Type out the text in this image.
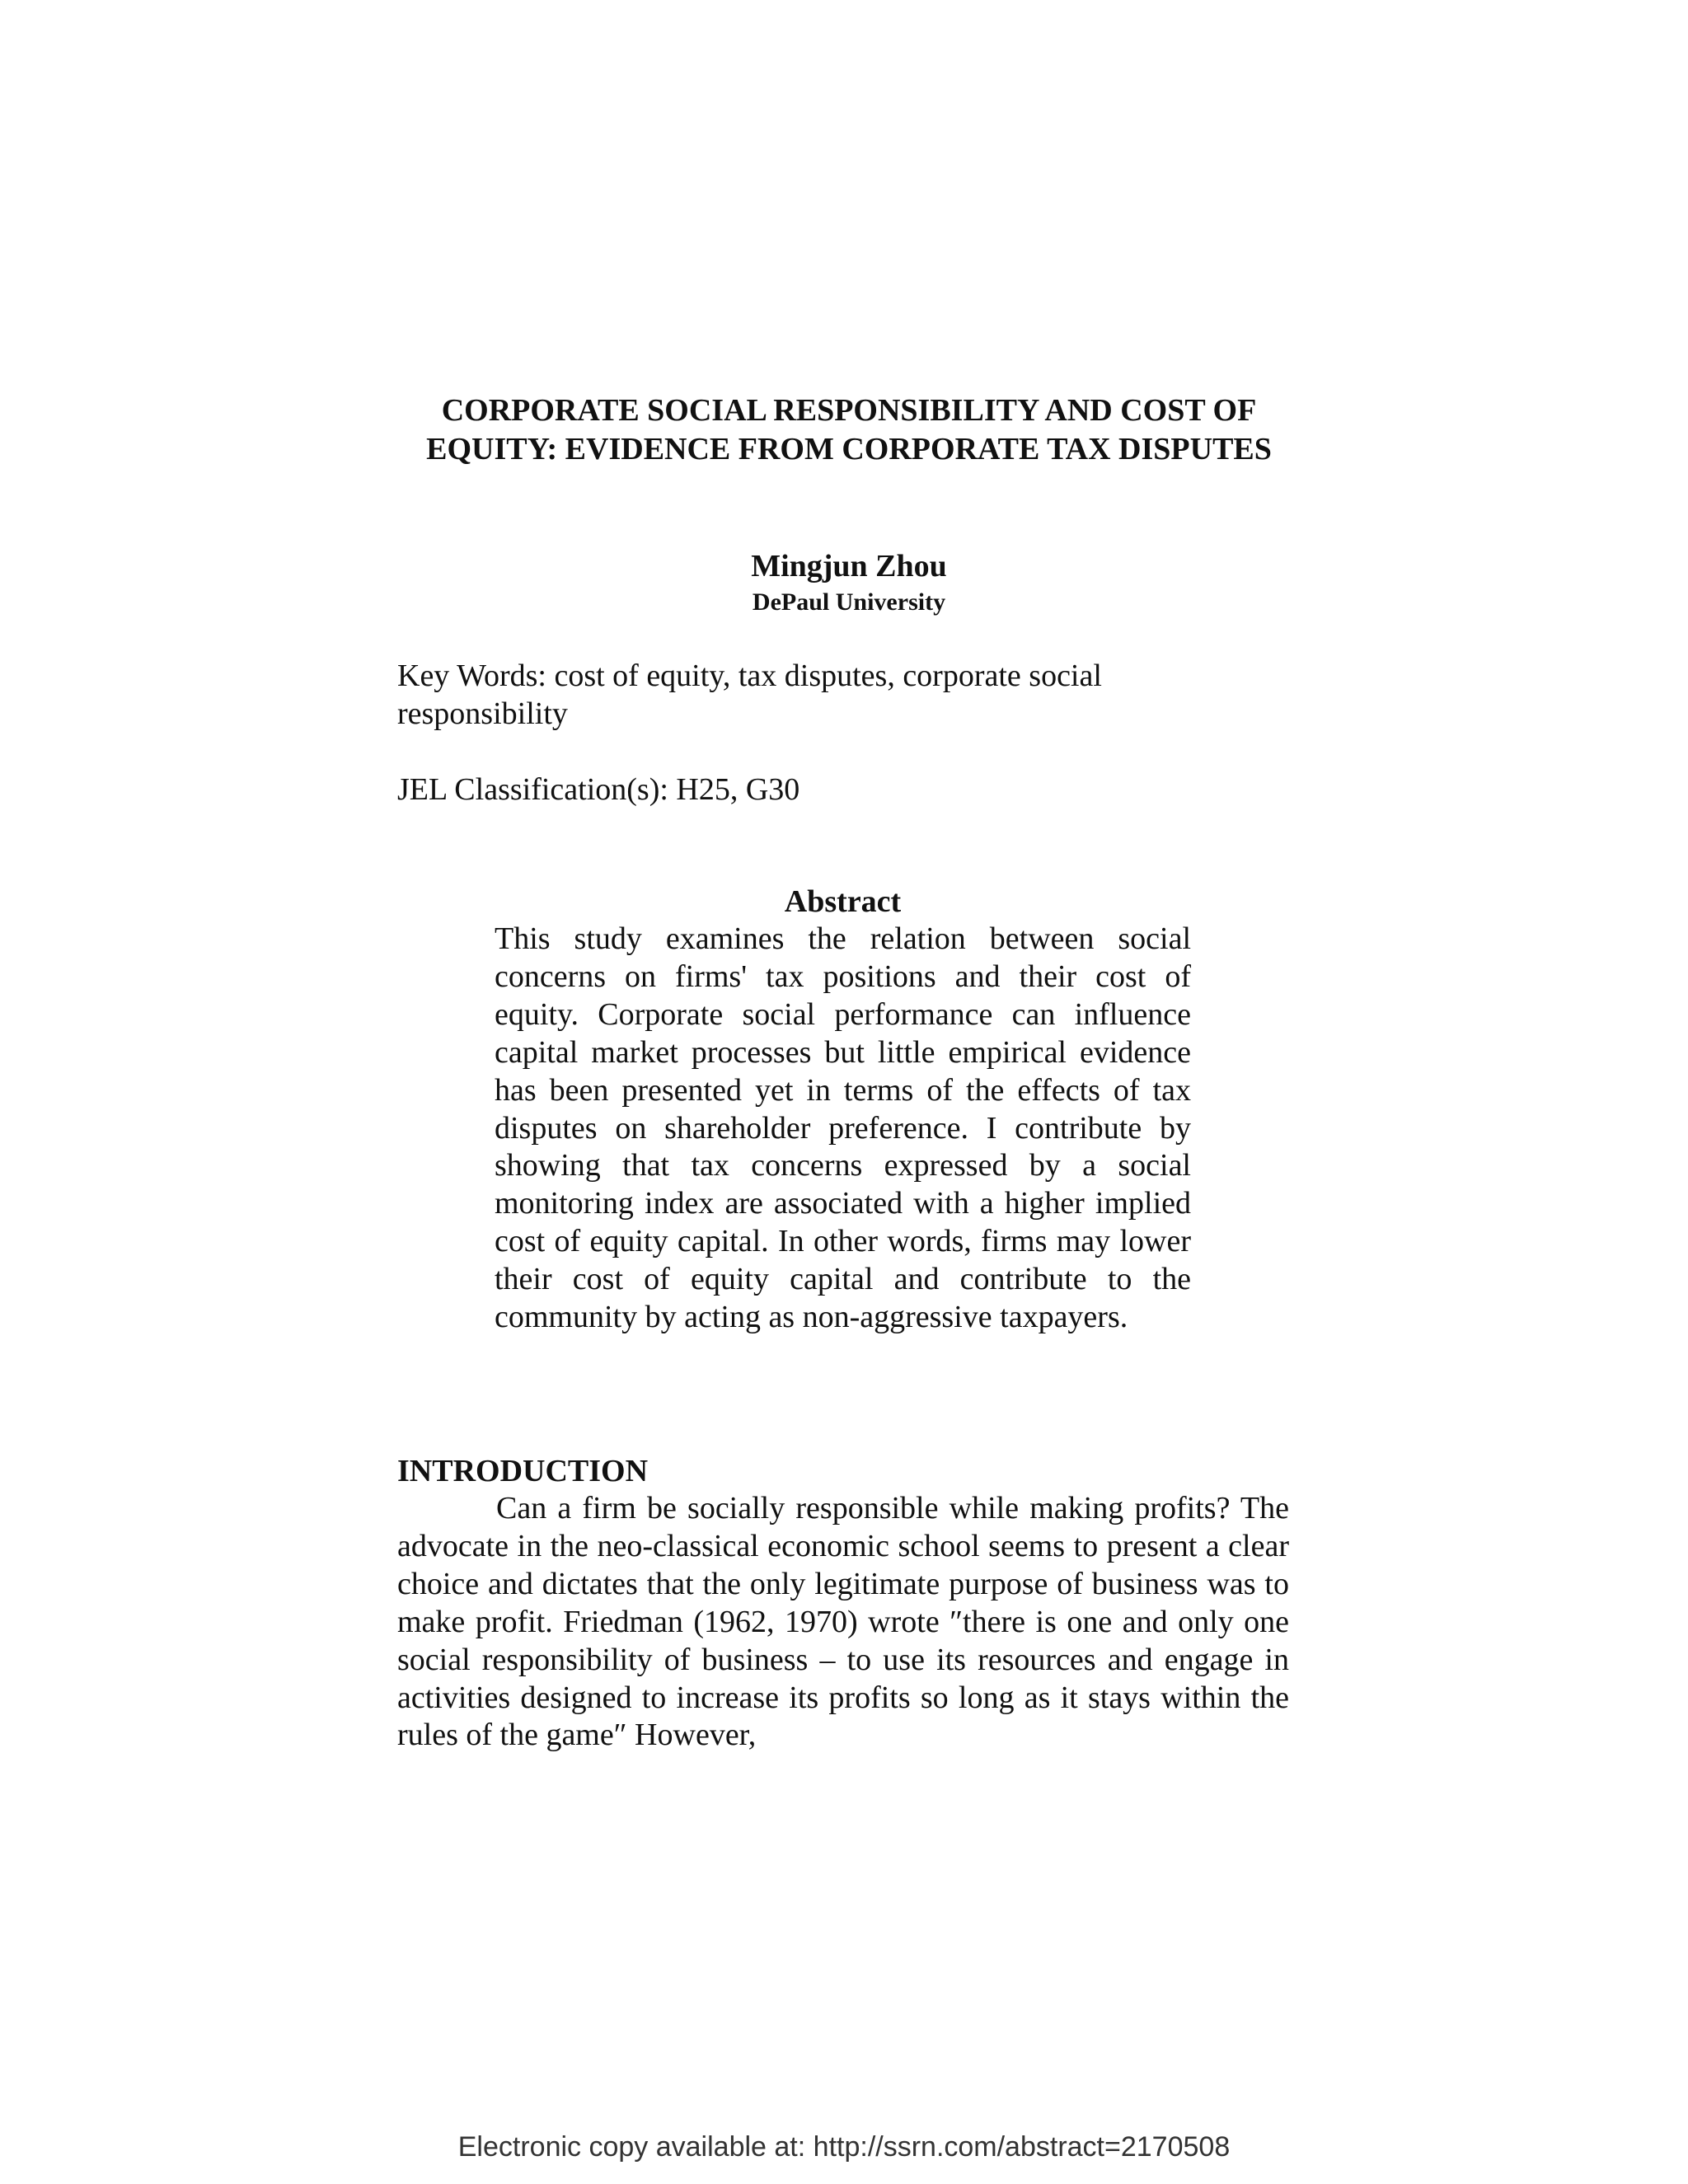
CORPORATE SOCIAL RESPONSIBILITY AND COST OF EQUITY: EVIDENCE FROM CORPORATE TAX DISPUTES
Mingjun Zhou
DePaul University

Key Words: cost of equity, tax disputes, corporate social responsibility

JEL Classification(s): H25, G30

Abstract

This study examines the relation between social concerns on firms' tax positions and their cost of equity. Corporate social performance can influence capital market processes but little empirical evidence has been presented yet in terms of the effects of tax disputes on shareholder preference. I contribute by showing that tax concerns expressed by a social monitoring index are associated with a higher implied cost of equity capital. In other words, firms may lower their cost of equity capital and contribute to the community by acting as non-aggressive taxpayers.

INTRODUCTION

Can a firm be socially responsible while making profits? The advocate in the neo-classical economic school seems to present a clear choice and dictates that the only legitimate purpose of business was to make profit. Friedman (1962, 1970) wrote ″there is one and only one social responsibility of business – to use its resources and engage in activities designed to increase its profits so long as it stays within the rules of the game″ However,

Electronic copy available at: http://ssrn.com/abstract=2170508
